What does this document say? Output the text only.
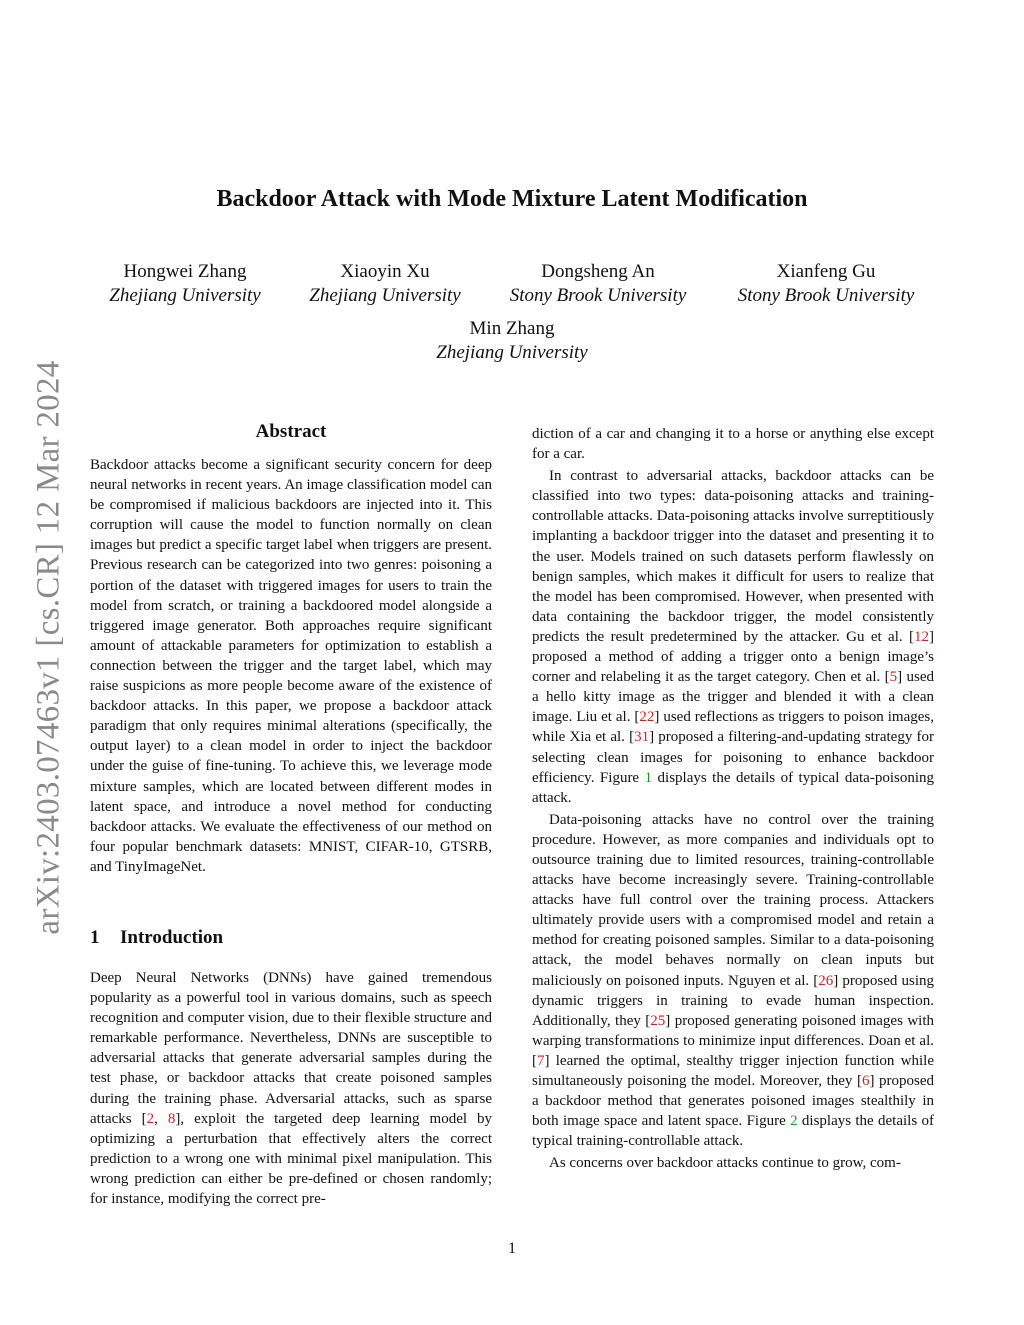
arXiv:2403.07463v1 [cs.CR] 12 Mar 2024
Backdoor Attack with Mode Mixture Latent Modification
Hongwei Zhang
Zhejiang University
Xiaoyin Xu
Zhejiang University
Dongsheng An
Stony Brook University
Xianfeng Gu
Stony Brook University
Min Zhang
Zhejiang University
Abstract

Backdoor attacks become a significant security concern for deep neural networks in recent years. An image classification model can be compromised if malicious backdoors are injected into it. This corruption will cause the model to function normally on clean images but predict a specific target label when triggers are present. Previous research can be categorized into two genres: poisoning a portion of the dataset with triggered images for users to train the model from scratch, or training a backdoored model alongside a triggered image generator. Both approaches require significant amount of attackable parameters for optimization to establish a connection between the trigger and the target label, which may raise suspicions as more people become aware of the existence of backdoor attacks. In this paper, we propose a backdoor attack paradigm that only requires minimal alterations (specifically, the output layer) to a clean model in order to inject the backdoor under the guise of fine-tuning. To achieve this, we leverage mode mixture samples, which are located between different modes in latent space, and introduce a novel method for conducting backdoor attacks. We evaluate the effectiveness of our method on four popular benchmark datasets: MNIST, CIFAR-10, GTSRB, and TinyImageNet.

1 Introduction

Deep Neural Networks (DNNs) have gained tremendous popularity as a powerful tool in various domains, such as speech recognition and computer vision, due to their flexible structure and remarkable performance. Nevertheless, DNNs are susceptible to adversarial attacks that generate adversarial samples during the test phase, or backdoor attacks that create poisoned samples during the training phase. Adversarial attacks, such as sparse attacks [2, 8], exploit the targeted deep learning model by optimizing a perturbation that effectively alters the correct prediction to a wrong one with minimal pixel manipulation. This wrong prediction can either be pre-defined or chosen randomly; for instance, modifying the correct pre-

diction of a car and changing it to a horse or anything else except for a car.

In contrast to adversarial attacks, backdoor attacks can be classified into two types: data-poisoning attacks and training-controllable attacks. Data-poisoning attacks involve surreptitiously implanting a backdoor trigger into the dataset and presenting it to the user. Models trained on such datasets perform flawlessly on benign samples, which makes it difficult for users to realize that the model has been compromised. However, when presented with data containing the backdoor trigger, the model consistently predicts the result predetermined by the attacker. Gu et al. [12] proposed a method of adding a trigger onto a benign image’s corner and relabeling it as the target category. Chen et al. [5] used a hello kitty image as the trigger and blended it with a clean image. Liu et al. [22] used reflections as triggers to poison images, while Xia et al. [31] proposed a filtering-and-updating strategy for selecting clean images for poisoning to enhance backdoor efficiency. Figure 1 displays the details of typical data-poisoning attack.

Data-poisoning attacks have no control over the training procedure. However, as more companies and individuals opt to outsource training due to limited resources, training-controllable attacks have become increasingly severe. Training-controllable attacks have full control over the training process. Attackers ultimately provide users with a compromised model and retain a method for creating poisoned samples. Similar to a data-poisoning attack, the model behaves normally on clean inputs but maliciously on poisoned inputs. Nguyen et al. [26] proposed using dynamic triggers in training to evade human inspection. Additionally, they [25] proposed generating poisoned images with warping transformations to minimize input differences. Doan et al. [7] learned the optimal, stealthy trigger injection function while simultaneously poisoning the model. Moreover, they [6] proposed a backdoor method that generates poisoned images stealthily in both image space and latent space. Figure 2 displays the details of typical training-controllable attack.

As concerns over backdoor attacks continue to grow, com-

1
